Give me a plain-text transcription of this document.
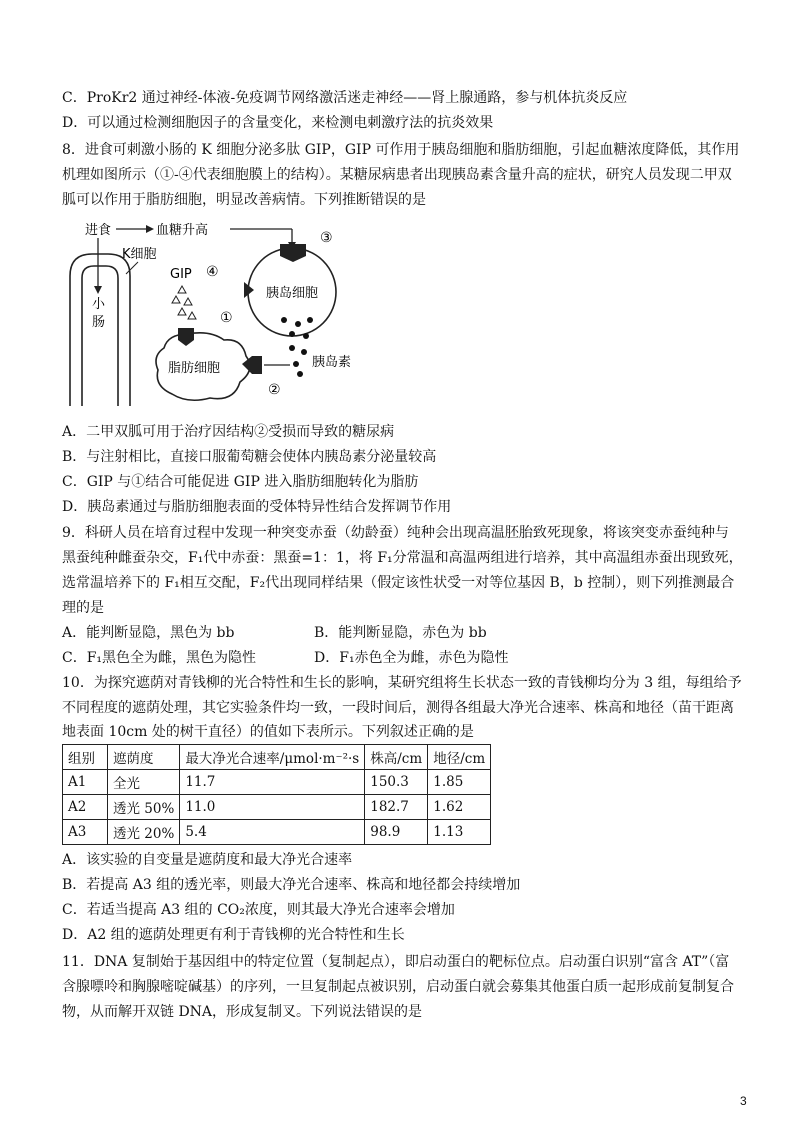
C．ProKr2 通过神经-体液-免疫调节网络激活迷走神经——肾上腺通路，参与机体抗炎反应
D．可以通过检测细胞因子的含量变化，来检测电刺激疗法的抗炎效果
8．进食可刺激小肠的 K 细胞分泌多肽 GIP，GIP 可作用于胰岛细胞和脂肪细胞，引起血糖浓度降低，其作用
机理如图所示（①-④代表细胞膜上的结构）。某糖尿病患者出现胰岛素含量升高的症状，研究人员发现二甲双
胍可以作用于脂肪细胞，明显改善病情。下列推断错误的是
小
肠
进食	血糖升高
K细胞
GIP ④
胰岛细胞
③
胰岛素
脂肪细胞
①
②
A．二甲双胍可用于治疗因结构②受损而导致的糖尿病
B．与注射相比，直接口服葡萄糖会使体内胰岛素分泌量较高
C．GIP 与①结合可能促进 GIP 进入脂肪细胞转化为脂肪
D．胰岛素通过与脂肪细胞表面的受体特异性结合发挥调节作用
9．科研人员在培育过程中发现一种突变赤蚕（幼龄蚕）纯种会出现高温胚胎致死现象，将该突变赤蚕纯种与
黑蚕纯种雌蚕杂交，F₁代中赤蚕：黑蚕=1：1，将 F₁分常温和高温两组进行培养，其中高温组赤蚕出现致死，
选常温培养下的 F₁相互交配，F₂代出现同样结果（假定该性状受一对等位基因 B，b 控制），则下列推测最合
理的是
A．能判断显隐，黑色为 bb	B．能判断显隐，赤色为 bb
C．F₁黑色全为雌，黑色为隐性	D．F₁赤色全为雌，赤色为隐性
10．为探究遮荫对青钱柳的光合特性和生长的影响，某研究组将生长状态一致的青钱柳均分为 3 组，每组给予
不同程度的遮荫处理，其它实验条件均一致，一段时间后，测得各组最大净光合速率、株高和地径（苗干距离
地表面 10cm 处的树干直径）的值如下表所示。下列叙述正确的是
组别	遮荫度	最大净光合速率/μmol·m⁻²·s	株高/cm	地径/cm
A1	全光	11.7	150.3	1.85
A2	透光 50%	11.0	182.7	1.62
A3	透光 20%	5.4	98.9	1.13
A．该实验的自变量是遮荫度和最大净光合速率
B．若提高 A3 组的透光率，则最大净光合速率、株高和地径都会持续增加
C．若适当提高 A3 组的 CO₂浓度，则其最大净光合速率会增加
D．A2 组的遮荫处理更有利于青钱柳的光合特性和生长
11．DNA 复制始于基因组中的特定位置（复制起点），即启动蛋白的靶标位点。启动蛋白识别“富含 AT”（富
含腺嘌呤和胸腺嘧啶碱基）的序列，一旦复制起点被识别，启动蛋白就会募集其他蛋白质一起形成前复制复合
物，从而解开双链 DNA，形成复制叉。下列说法错误的是
3
